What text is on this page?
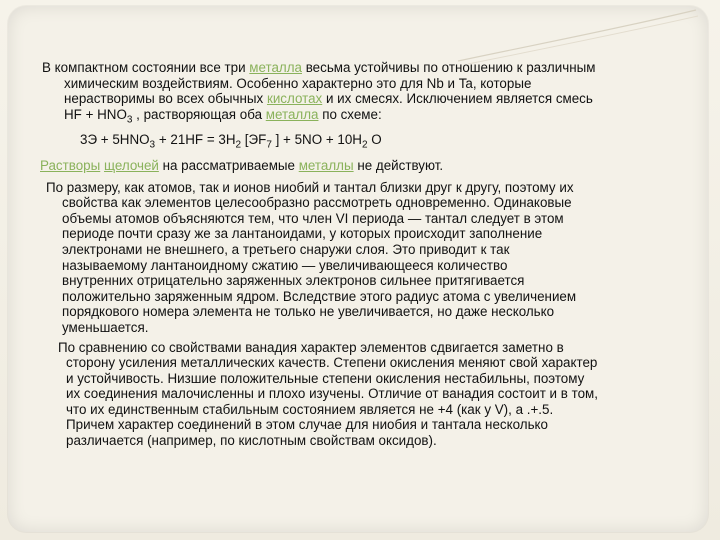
В компактном состоянии все три металла весьма устойчивы по отношению к различным
химическим воздействиям. Особенно характерно это для Nb и Ta, которые
нерастворимы во всех обычных кислотах и их смесях. Исключением является смесь
HF + $HNO_3$ , растворяющая оба металла по схеме:

$3Э + 5HNO_3 + 21HF = 3H_2$ [$ЭF_7$ ] + $5NO + 10H_2$ O

Растворы щелочей на рассматриваемые металлы не действуют.

По размеру, как атомов, так и ионов ниобий и тантал близки друг к другу, поэтому их
свойства как элементов целесообразно рассмотреть одновременно. Одинаковые
объемы атомов объясняются тем, что член VI периода — тантал следует в этом
периоде почти сразу же за лантаноидами, у которых происходит заполнение
электронами не внешнего, а третьего снаружи слоя. Это приводит к так
называемому лантаноидному сжатию — увеличивающееся количество
внутренних отрицательно заряженных электронов сильнее притягивается
положительно заряженным ядром. Вследствие этого радиус атома с увеличением
порядкового номера элемента не только не увеличивается, но даже несколько
уменьшается.
По сравнению со свойствами ванадия характер элементов сдвигается заметно в
сторону усиления металлических качеств. Степени окисления меняют свой характер
и устойчивость. Низшие положительные степени окисления нестабильны, поэтому
их соединения малочисленны и плохо изучены. Отличие от ванадия состоит и в том,
что их единственным стабильным состоянием является не +4 (как у V), а .+.5.
Причем характер соединений в этом случае для ниобия и тантала несколько
различается (например, по кислотным свойствам оксидов).
